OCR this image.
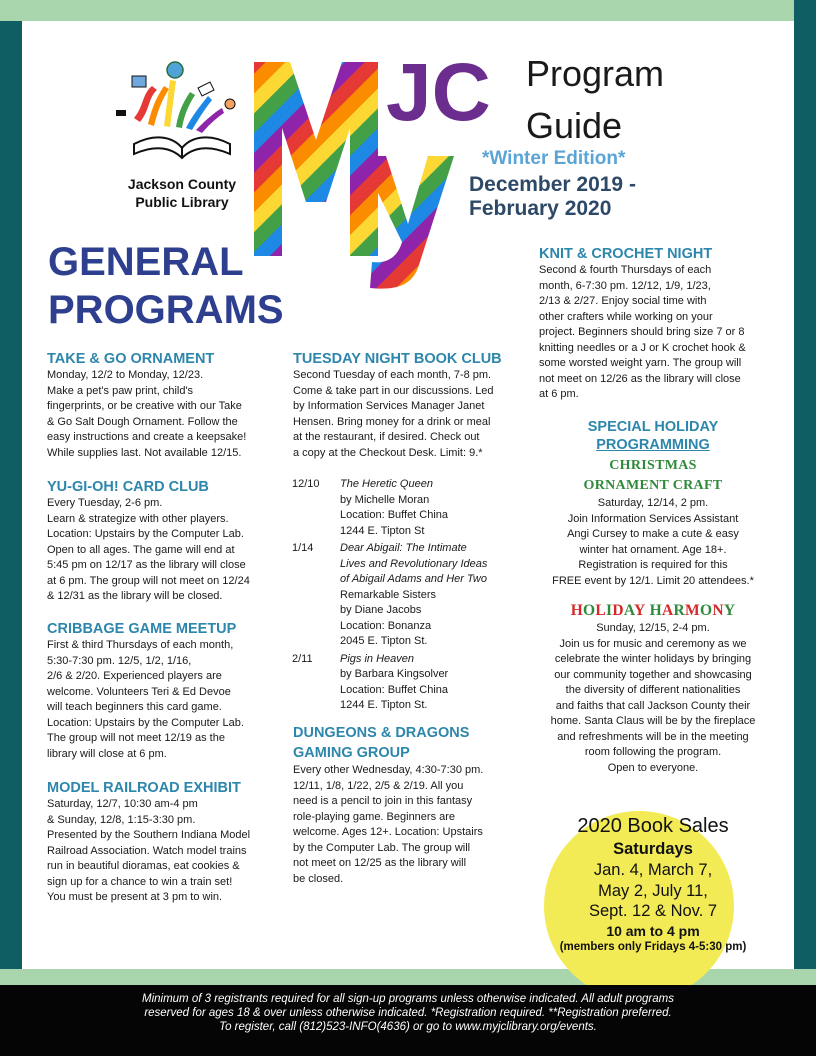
Jackson County Public Library
JC Program
Guide
*Winter Edition*
December 2019 -
February 2020
GENERAL
PROGRAMS
TAKE & GO ORNAMENT
Monday, 12/2 to Monday, 12/23.
Make a pet's paw print, child's
fingerprints, or be creative with our Take
& Go Salt Dough Ornament. Follow the
easy instructions and create a keepsake!
While supplies last. Not available 12/15.
YU-GI-OH! CARD CLUB
Every Tuesday, 2-6 pm.
Learn & strategize with other players.
Location: Upstairs by the Computer Lab.
Open to all ages. The game will end at
5:45 pm on 12/17 as the library will close
at 6 pm. The group will not meet on 12/24
& 12/31 as the library will be closed.
CRIBBAGE GAME MEETUP
First & third Thursdays of each month,
5:30-7:30 pm. 12/5, 1/2, 1/16,
2/6 & 2/20. Experienced players are
welcome. Volunteers Teri & Ed Devoe
will teach beginners this card game.
Location: Upstairs by the Computer Lab.
The group will not meet 12/19 as the
library will close at 6 pm.
MODEL RAILROAD EXHIBIT
Saturday, 12/7, 10:30 am-4 pm
& Sunday, 12/8, 1:15-3:30 pm.
Presented by the Southern Indiana Model
Railroad Association. Watch model trains
run in beautiful dioramas, eat cookies &
sign up for a chance to win a train set!
You must be present at 3 pm to win.
TUESDAY NIGHT BOOK CLUB
Second Tuesday of each month, 7-8 pm.
Come & take part in our discussions. Led
by Information Services Manager Janet
Hensen. Bring money for a drink or meal
at the restaurant, if desired. Check out
a copy at the Checkout Desk. Limit: 9.*
12/10	The Heretic Queen
by Michelle Moran
Location: Buffet China
1244 E. Tipton St
1/14	Dear Abigail: The Intimate
Lives and Revolutionary Ideas
of Abigail Adams and Her Two
Remarkable Sisters
by Diane Jacobs
Location: Bonanza
2045 E. Tipton St.
2/11	Pigs in Heaven
by Barbara Kingsolver
Location: Buffet China
1244 E. Tipton St.
DUNGEONS & DRAGONS
GAMING GROUP
Every other Wednesday, 4:30-7:30 pm.
12/11, 1/8, 1/22, 2/5 & 2/19. All you
need is a pencil to join in this fantasy
role-playing game. Beginners are
welcome. Ages 12+. Location: Upstairs
by the Computer Lab. The group will
not meet on 12/25 as the library will
be closed.
KNIT & CROCHET NIGHT
Second & fourth Thursdays of each
month, 6-7:30 pm. 12/12, 1/9, 1/23,
2/13 & 2/27. Enjoy social time with
other crafters while working on your
project. Beginners should bring size 7 or 8
knitting needles or a J or K crochet hook &
some worsted weight yarn. The group will
not meet on 12/26 as the library will close
at 6 pm.
SPECIAL HOLIDAY
PROGRAMMING
CHRISTMAS
ORNAMENT CRAFT
Saturday, 12/14, 2 pm.
Join Information Services Assistant
Angi Cursey to make a cute & easy
winter hat ornament. Age 18+.
Registration is required for this
FREE event by 12/1. Limit 20 attendees.*
HOLIDAY HARMONY
Sunday, 12/15, 2-4 pm.
Join us for music and ceremony as we
celebrate the winter holidays by bringing
our community together and showcasing
the diversity of different nationalities
and faiths that call Jackson County their
home. Santa Claus will be by the fireplace
and refreshments will be in the meeting
room following the program.
Open to everyone.
2020 Book Sales
Saturdays
Jan. 4, March 7,
May 2, July 11,
Sept. 12 & Nov. 7
10 am to 4 pm
(members only Fridays 4-5:30 pm)

Minimum of 3 registrants required for all sign-up programs unless otherwise indicated. All adult programs

reserved for ages 18 & over unless otherwise indicated. *Registration required. **Registration preferred.

To register, call (812)523-INFO(4636) or go to www.myjclibrary.org/events.
